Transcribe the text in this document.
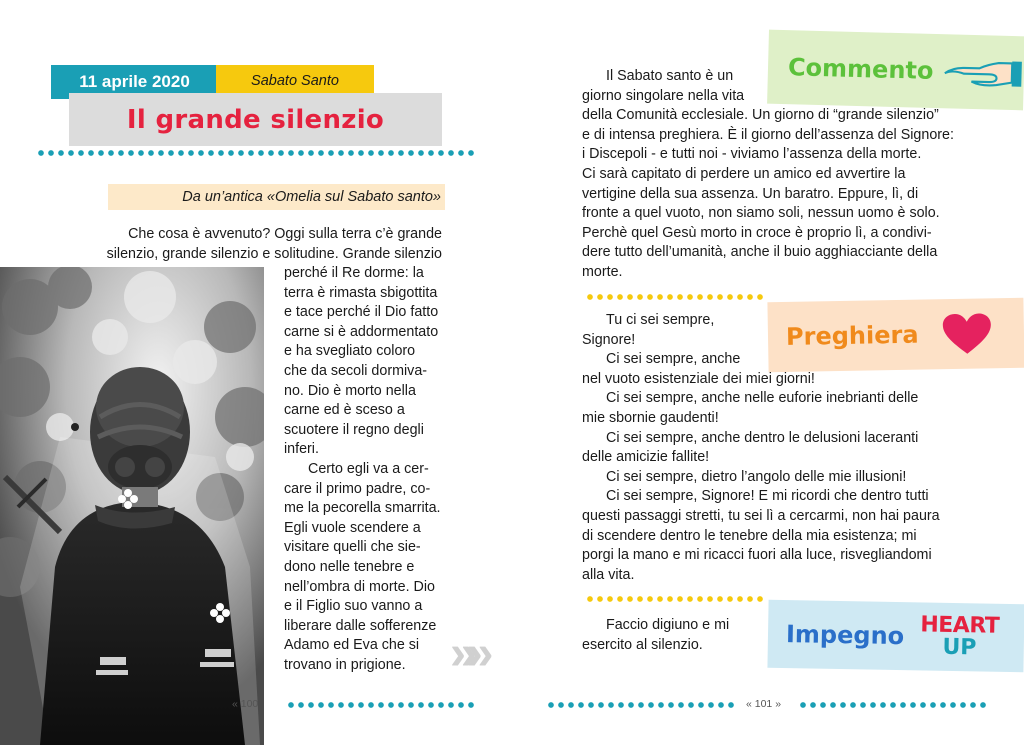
11 aprile 2020	Sabato Santo
Il grande silenzio
Da un’antica «Omelia sul Sabato santo»

Che cosa è avvenuto? Oggi sulla terra c’è grande

silenzio, grande silenzio e solitudine. Grande silenzio

perché il Re dorme: la

terra è rimasta sbigottita

e tace perché il Dio fatto

carne si è addormentato

e ha svegliato coloro

che da secoli dormiva-

no. Dio è morto nella

carne ed è sceso a

scuotere il regno degli

inferi.

Certo egli va a cer-

care il primo padre, co-

me la pecorella smarrita.

Egli vuole scendere a

visitare quelli che sie-

dono nelle tenebre e

nell’ombra di morte. Dio

e il Figlio suo vanno a

liberare dalle sofferenze

Adamo ed Eva che si

trovano in prigione. »»
« 100
Commento

Il Sabato santo è un

giorno singolare nella vita

della Comunità ecclesiale. Un giorno di “grande silenzio”

e di intensa preghiera. È il giorno dell’assenza del Signore:

i Discepoli - e tutti noi - viviamo l’assenza della morte.

Ci sarà capitato di perdere un amico ed avvertire la

vertigine della sua assenza. Un baratro. Eppure, lì, di

fronte a quel vuoto, non siamo soli, nessun uomo è solo.

Perchè quel Gesù morto in croce è proprio lì, a condivi-

dere tutto dell’umanità, anche il buio agghiacciante della

morte.

Preghiera

Tu ci sei sempre,

Signore!

Ci sei sempre, anche

nel vuoto esistenziale dei miei giorni!

Ci sei sempre, anche nelle euforie inebrianti delle

mie sbornie gaudenti!

Ci sei sempre, anche dentro le delusioni laceranti

delle amicizie fallite!

Ci sei sempre, dietro l’angolo delle mie illusioni!

Ci sei sempre, Signore! E mi ricordi che dentro tutti

questi passaggi stretti, tu sei lì a cercarmi, non hai paura

di scendere dentro le tenebre della mia esistenza; mi

porgi la mano e mi ricacci fuori alla luce, risvegliandomi

alla vita.

Impegno HEART
UP

Faccio digiuno e mi

esercito al silenzio.

« 101 »
